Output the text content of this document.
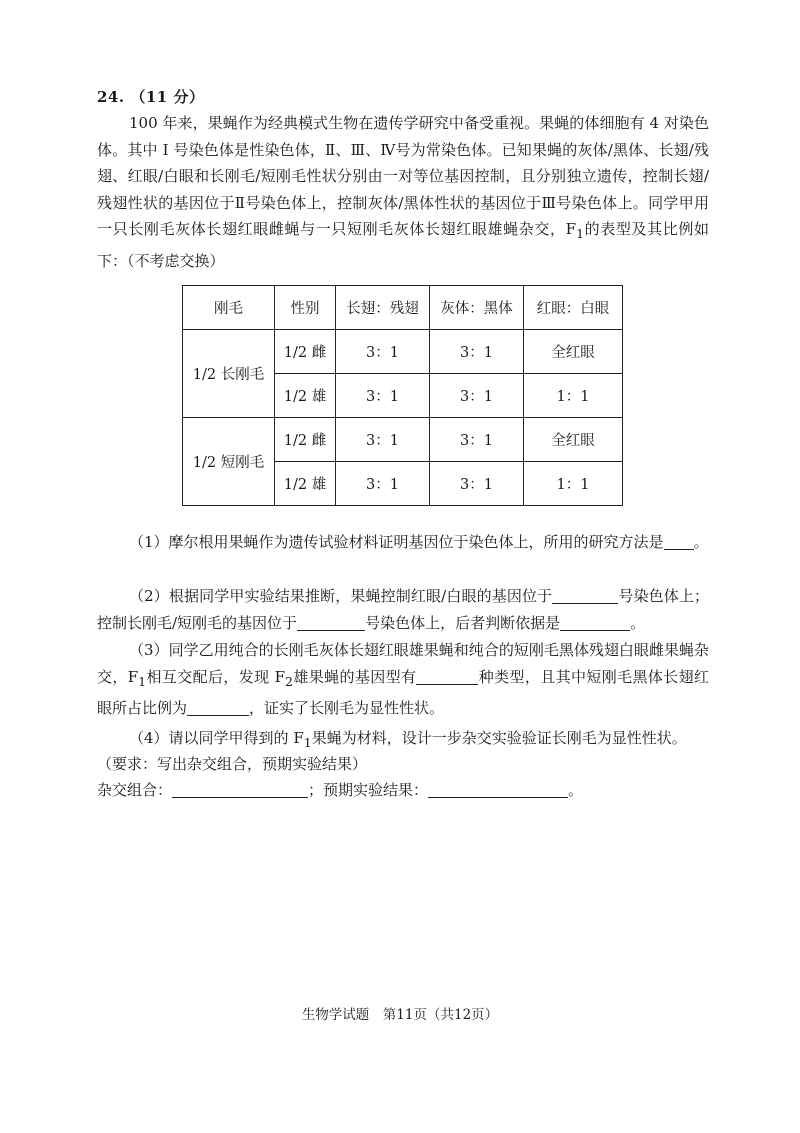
24. （11 分）

100 年来，果蝇作为经典模式生物在遗传学研究中备受重视。果蝇的体细胞有 4 对染色体。其中 I 号染色体是性染色体，Ⅱ、Ⅲ、Ⅳ号为常染色体。已知果蝇的灰体/黑体、长翅/残翅、红眼/白眼和长刚毛/短刚毛性状分别由一对等位基因控制，且分别独立遗传，控制长翅/残翅性状的基因位于Ⅱ号染色体上，控制灰体/黑体性状的基因位于Ⅲ号染色体上。同学甲用一只长刚毛灰体长翅红眼雌蝇与一只短刚毛灰体长翅红眼雄蝇杂交，$F_1$的表型及其比例如下：（不考虑交换）

刚毛	性别	长翅：残翅	灰体：黑体	红眼：白眼
1/2 长刚毛	1/2 雌	3：1	3：1	全红眼
	1/2 雄	3：1	3：1	1：1
1/2 短刚毛	1/2 雌	3：1	3：1	全红眼
	1/2 雄	3：1	3：1	1：1

（1）摩尔根用果蝇作为遗传试验材料证明基因位于染色体上，所用的研究方法是 。

（2）根据同学甲实验结果推断，果蝇控制红眼/白眼的基因位于	号染色体上；控制长刚毛/短刚毛的基因位于	号染色体上，后者判断依据是	。

（3）同学乙用纯合的长刚毛灰体长翅红眼雄果蝇和纯合的短刚毛黑体残翅白眼雌果蝇杂交，$F_1$相互交配后，发现 $F_2$雄果蝇的基因型有	种类型，且其中短刚毛黑体长翅红眼所占比例为	，证实了长刚毛为显性性状。

（4）请以同学甲得到的 $F_1$果蝇为材料，设计一步杂交实验验证长刚毛为显性性状。

（要求：写出杂交组合，预期实验结果）

杂交组合：	；预期实验结果：	。

生物学试题　第11页（共12页）
